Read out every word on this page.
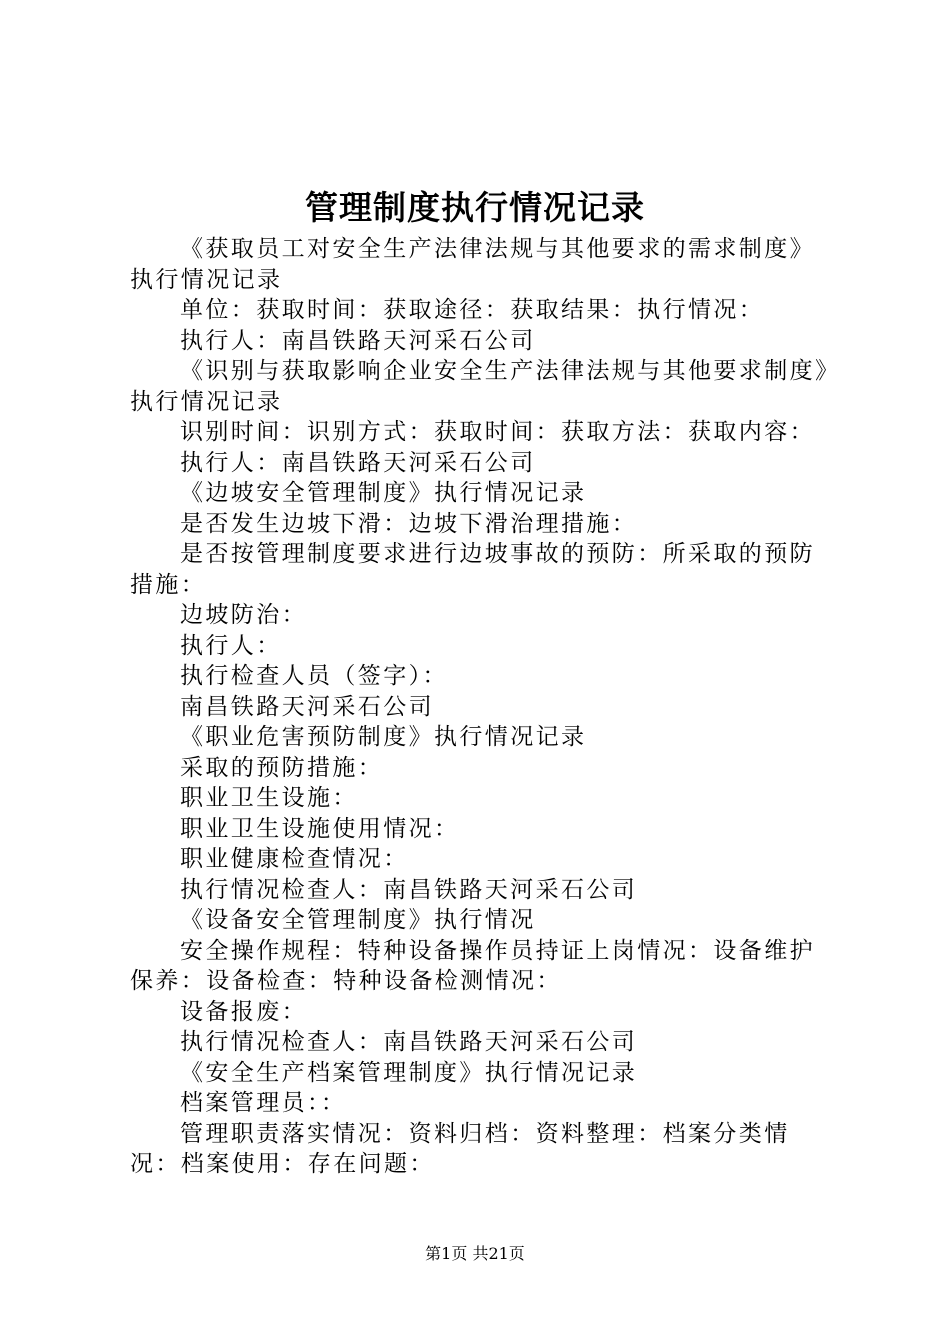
管理制度执行情况记录

《获取员工对安全生产法律法规与其他要求的需求制度》执行情况记录

单位：获取时间：获取途径：获取结果：执行情况：

执行人：南昌铁路天河采石公司

《识别与获取影响企业安全生产法律法规与其他要求制度》执行情况记录

识别时间：识别方式：获取时间：获取方法：获取内容：

执行人：南昌铁路天河采石公司

《边坡安全管理制度》执行情况记录

是否发生边坡下滑：边坡下滑治理措施：

是否按管理制度要求进行边坡事故的预防：所采取的预防措施：

边坡防治：

执行人：

执行检查人员（签字）：

南昌铁路天河采石公司

《职业危害预防制度》执行情况记录

采取的预防措施：

职业卫生设施：

职业卫生设施使用情况：

职业健康检查情况：

执行情况检查人：南昌铁路天河采石公司

《设备安全管理制度》执行情况

安全操作规程：特种设备操作员持证上岗情况：设备维护保养：设备检查：特种设备检测情况：

设备报废：

执行情况检查人：南昌铁路天河采石公司

《安全生产档案管理制度》执行情况记录

档案管理员：：

管理职责落实情况：资料归档：资料整理：档案分类情况：档案使用：存在问题：

第1页 共21页
